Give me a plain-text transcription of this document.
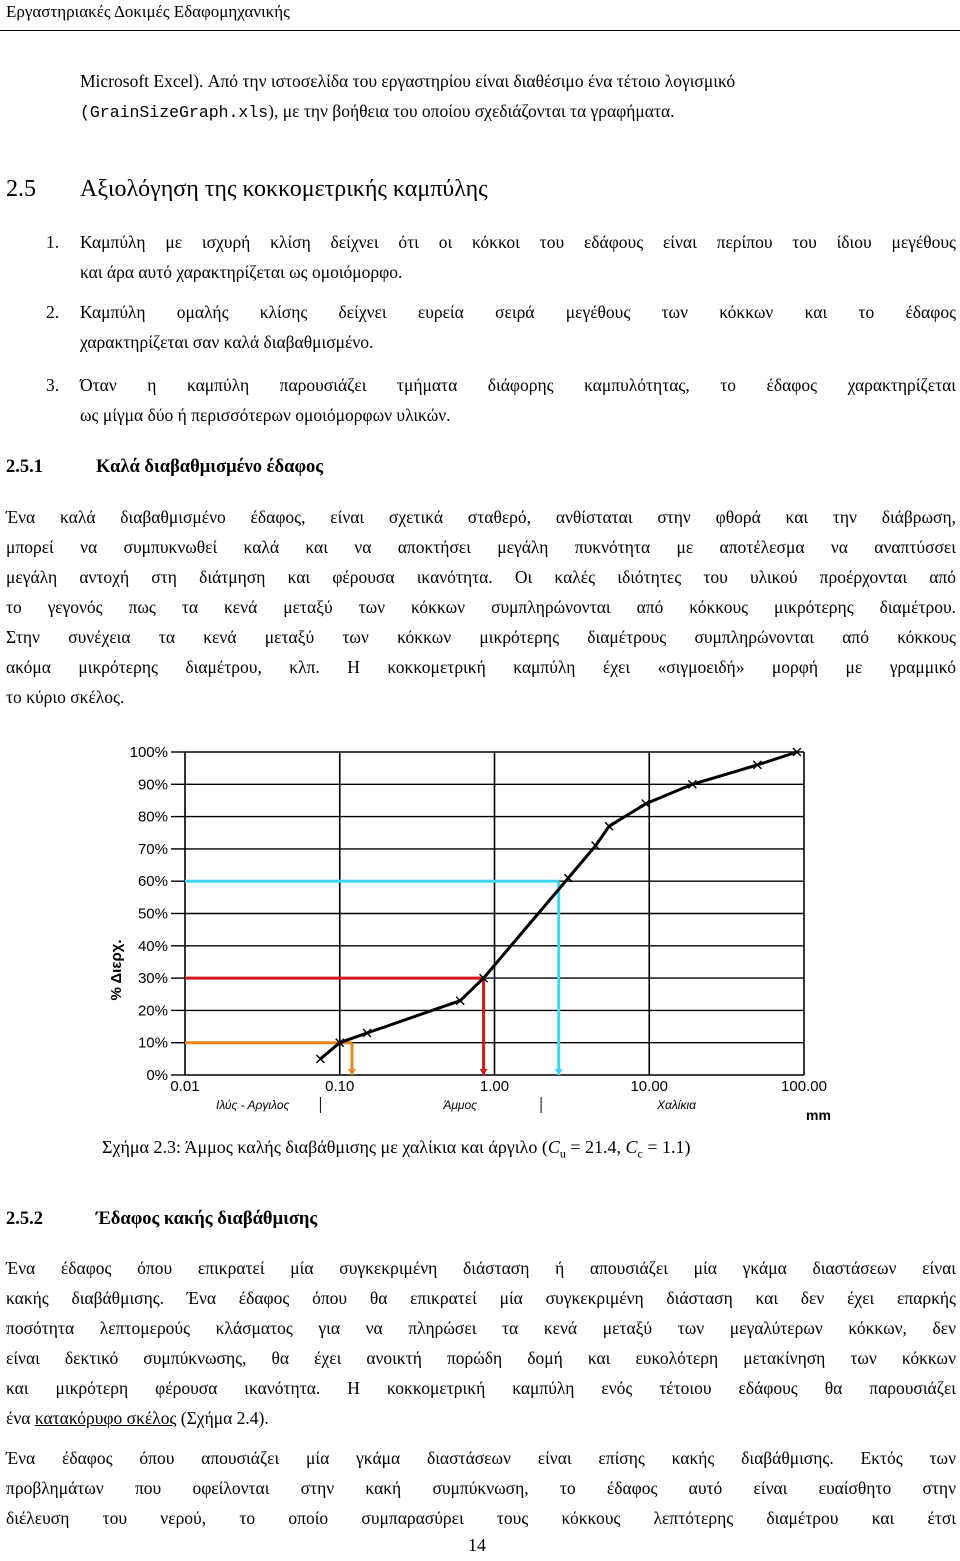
Εργαστηριακές Δοκιμές Εδαφομηχανικής
Microsoft Excel). Από την ιστοσελίδα του εργαστηρίου είναι διαθέσιμο ένα τέτοιο λογισμικό
(GrainSizeGraph.xls), με την βοήθεια του οποίου σχεδιάζονται τα γραφήματα.
2.5 Αξιολόγηση της κοκκομετρικής καμπύλης
1. Καμπύλη με ισχυρή κλίση δείχνει ότι οι κόκκοι του εδάφους είναι περίπου του ίδιου μεγέθους
και άρα αυτό χαρακτηρίζεται ως ομοιόμορφο.
2. Καμπύλη ομαλής κλίσης δείχνει ευρεία σειρά μεγέθους των κόκκων και το έδαφος
χαρακτηρίζεται σαν καλά διαβαθμισμένο.
3. Όταν η καμπύλη παρουσιάζει τμήματα διάφορης καμπυλότητας, το έδαφος χαρακτηρίζεται
ως μίγμα δύο ή περισσότερων ομοιόμορφων υλικών.
2.5.1	Καλά διαβαθμισμένο έδαφος
Ένα καλά διαβαθμισμένο έδαφος, είναι σχετικά σταθερό, ανθίσταται στην φθορά και την διάβρωση,
μπορεί να συμπυκνωθεί καλά και να αποκτήσει μεγάλη πυκνότητα με αποτέλεσμα να αναπτύσσει
μεγάλη αντοχή στη διάτμηση και φέρουσα ικανότητα. Οι καλές ιδιότητες του υλικού προέρχονται από
το γεγονός πως τα κενά μεταξύ των κόκκων συμπληρώνονται από κόκκους μικρότερης διαμέτρου.
Στην συνέχεια τα κενά μεταξύ των κόκκων μικρότερης διαμέτρους συμπληρώνονται από κόκκους
ακόμα μικρότερης διαμέτρου, κλπ. Η κοκκομετρική καμπύλη έχει «σιγμοειδή» μορφή με γραμμικό
το κύριο σκέλος.
0%
10%
20%
30%
40%
50%
60%
70%
80%
90%
100%
0.01	0.10	1.00	10.00	100.00
Ιλύς - Αργιλος	Άμμος	Χαλίκια
% Διερχ.
mm
Σχήμα 2.3: Άμμος καλής διαβάθμισης με χαλίκια και άργιλο ($C_u = 21.4$, $C_c = 1.1$)
2.5.2	Έδαφος κακής διαβάθμισης
Ένα έδαφος όπου επικρατεί μία συγκεκριμένη διάσταση ή απουσιάζει μία γκάμα διαστάσεων είναι
κακής διαβάθμισης. Ένα έδαφος όπου θα επικρατεί μία συγκεκριμένη διάσταση και δεν έχει επαρκής
ποσότητα λεπτομερούς κλάσματος για να πληρώσει τα κενά μεταξύ των μεγαλύτερων κόκκων, δεν
είναι δεκτικό συμπύκνωσης, θα έχει ανοικτή πορώδη δομή και ευκολότερη μετακίνηση των κόκκων
και μικρότερη φέρουσα ικανότητα. Η κοκκομετρική καμπύλη ενός τέτοιου εδάφους θα παρουσιάζει
ένα κατακόρυφο σκέλος (Σχήμα 2.4).
Ένα έδαφος όπου απουσιάζει μία γκάμα διαστάσεων είναι επίσης κακής διαβάθμισης. Εκτός των
προβλημάτων που οφείλονται στην κακή συμπύκνωση, το έδαφος αυτό είναι ευαίσθητο στην
διέλευση του νερού, το οποίο συμπαρασύρει τους κόκκους λεπτότερης διαμέτρου και έτσι
14
